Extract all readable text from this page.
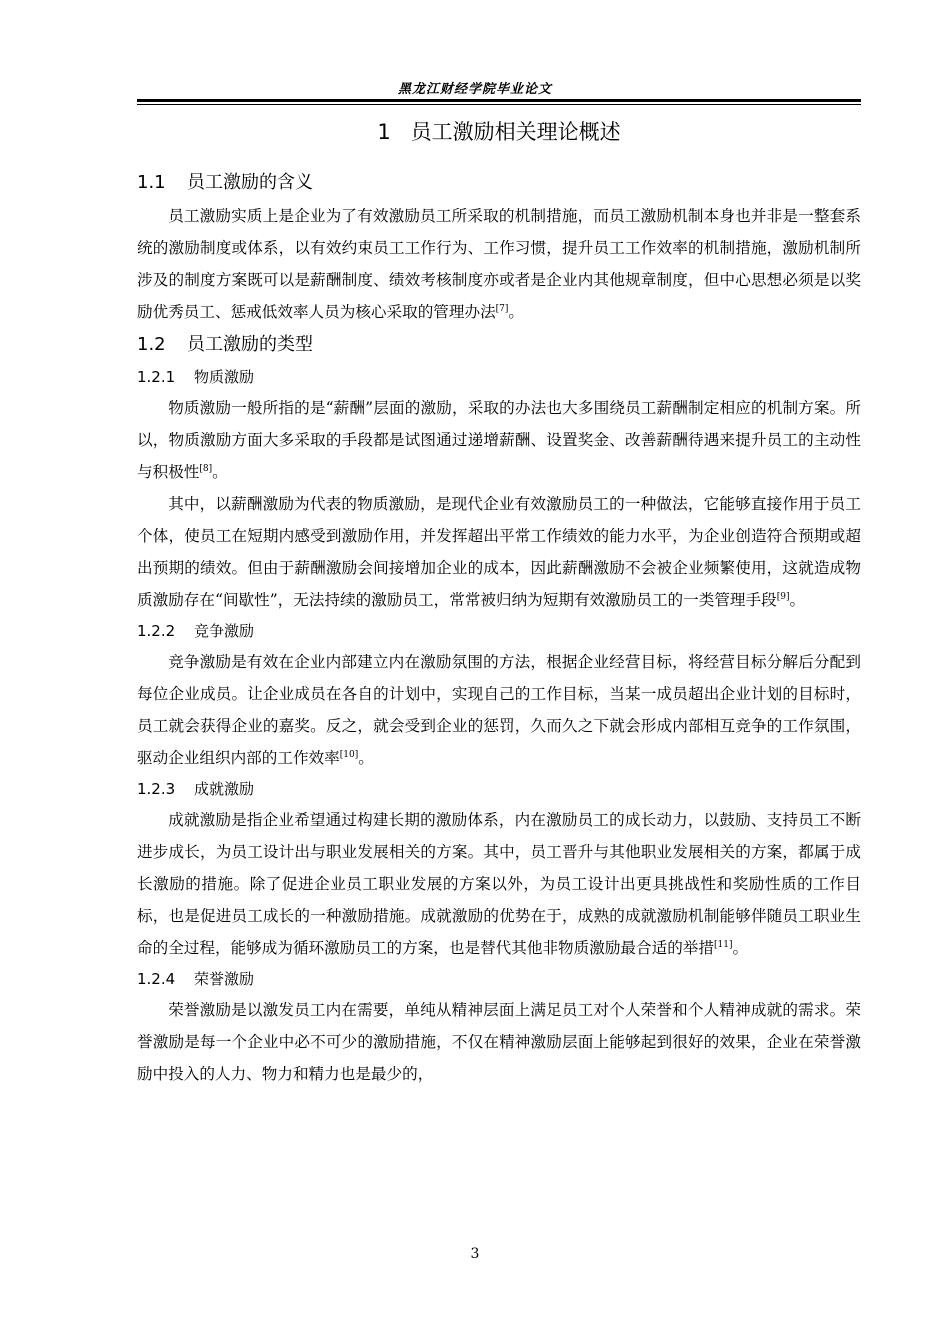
黑龙江财经学院毕业论文
1 员工激励相关理论概述
1.1 员工激励的含义

员工激励实质上是企业为了有效激励员工所采取的机制措施，而员工激励机制本身也并非是一整套系统的激励制度或体系，以有效约束员工工作行为、工作习惯，提升员工工作效率的机制措施，激励机制所涉及的制度方案既可以是薪酬制度、绩效考核制度亦或者是企业内其他规章制度，但中心思想必须是以奖励优秀员工、惩戒低效率人员为核心采取的管理办法[7]。

1.2 员工激励的类型
1.2.1 物质激励

物质激励一般所指的是“薪酬”层面的激励，采取的办法也大多围绕员工薪酬制定相应的机制方案。所以，物质激励方面大多采取的手段都是试图通过递增薪酬、设置奖金、改善薪酬待遇来提升员工的主动性与积极性[8]。

其中，以薪酬激励为代表的物质激励，是现代企业有效激励员工的一种做法，它能够直接作用于员工个体，使员工在短期内感受到激励作用，并发挥超出平常工作绩效的能力水平，为企业创造符合预期或超出预期的绩效。但由于薪酬激励会间接增加企业的成本，因此薪酬激励不会被企业频繁使用，这就造成物质激励存在“间歇性”，无法持续的激励员工，常常被归纳为短期有效激励员工的一类管理手段[9]。

1.2.2 竞争激励

竞争激励是有效在企业内部建立内在激励氛围的方法，根据企业经营目标，将经营目标分解后分配到每位企业成员。让企业成员在各自的计划中，实现自己的工作目标，当某一成员超出企业计划的目标时，员工就会获得企业的嘉奖。反之，就会受到企业的惩罚，久而久之下就会形成内部相互竞争的工作氛围，驱动企业组织内部的工作效率[10]。

1.2.3 成就激励

成就激励是指企业希望通过构建长期的激励体系，内在激励员工的成长动力，以鼓励、支持员工不断进步成长，为员工设计出与职业发展相关的方案。其中，员工晋升与其他职业发展相关的方案，都属于成长激励的措施。除了促进企业员工职业发展的方案以外，为员工设计出更具挑战性和奖励性质的工作目标，也是促进员工成长的一种激励措施。成就激励的优势在于，成熟的成就激励机制能够伴随员工职业生命的全过程，能够成为循环激励员工的方案，也是替代其他非物质激励最合适的举措[11]。

1.2.4 荣誉激励

荣誉激励是以激发员工内在需要，单纯从精神层面上满足员工对个人荣誉和个人精神成就的需求。荣誉激励是每一个企业中必不可少的激励措施，不仅在精神激励层面上能够起到很好的效果，企业在荣誉激励中投入的人力、物力和精力也是最少的，

3
